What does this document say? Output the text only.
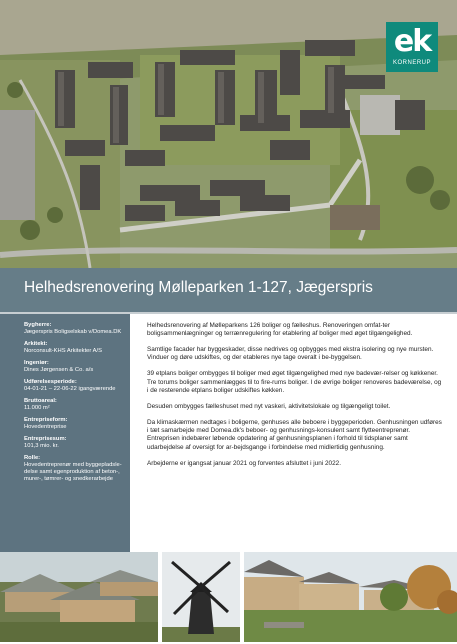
ek
KORNERUP
Helhedsrenovering Mølleparken 1-127, Jægerspris
Bygherre:
Jægerspris Boligselskab v/Domea.DK
Arkitekt:
Norconsult-KHS Arkitekter A/S
Ingeniør:
Dines Jørgensen & Co. a/s
Udførelsesperiode:
04-01-21 – 22-06-22 igangværende
Bruttoareal:
11.000 m²
Entrepriseform:
Hovedentreprise
Entreprisesum:
101,3 mio. kr.
Rolle:
Hovedentreprenør med byggepladsle-delse samt egenproduktion af beton-, murer-, tømrer- og snedkerarbejde

Helhedsrenovering af Mølleparkens 126 boliger og fælleshus. Renoveringen omfat-ter boligsammenlægninger og terrænregulering for etablering af boliger med øget tilgængelighed.

Samtlige facader har byggeskader, disse nedrives og opbygges med ekstra isolering og nye mursten. Vinduer og døre udskiftes, og der etableres nye tage overalt i be-byggelsen.

39 etplans boliger ombygges til boliger med øget tilgængelighed med nye badevær-relser og køkkener. Tre torums boliger sammenlægges til to fire-rums boliger. I de øvrige boliger renoveres badeværelse, og i de resterende etplans boliger udskiftes køkken.

Desuden ombygges fælleshuset med nyt vaskeri, aktivitetslokale og tilgængeligt toilet.

Da klimaskærmen nedtages i boligerne, genhuses alle beboere i byggeperioden. Genhusningen udføres i tæt samarbejde med Domea.dk's beboer- og genhusnings-konsulent samt flytteentreprenør. Entreprisen indebærer løbende opdatering af genhusningsplanen i forhold til tidsplaner samt udarbejdelse af oversigt for ar-bejdsgange i forbindelse med midlertidig genhusning.

Arbejderne er igangsat januar 2021 og forventes afsluttet i juni 2022.
